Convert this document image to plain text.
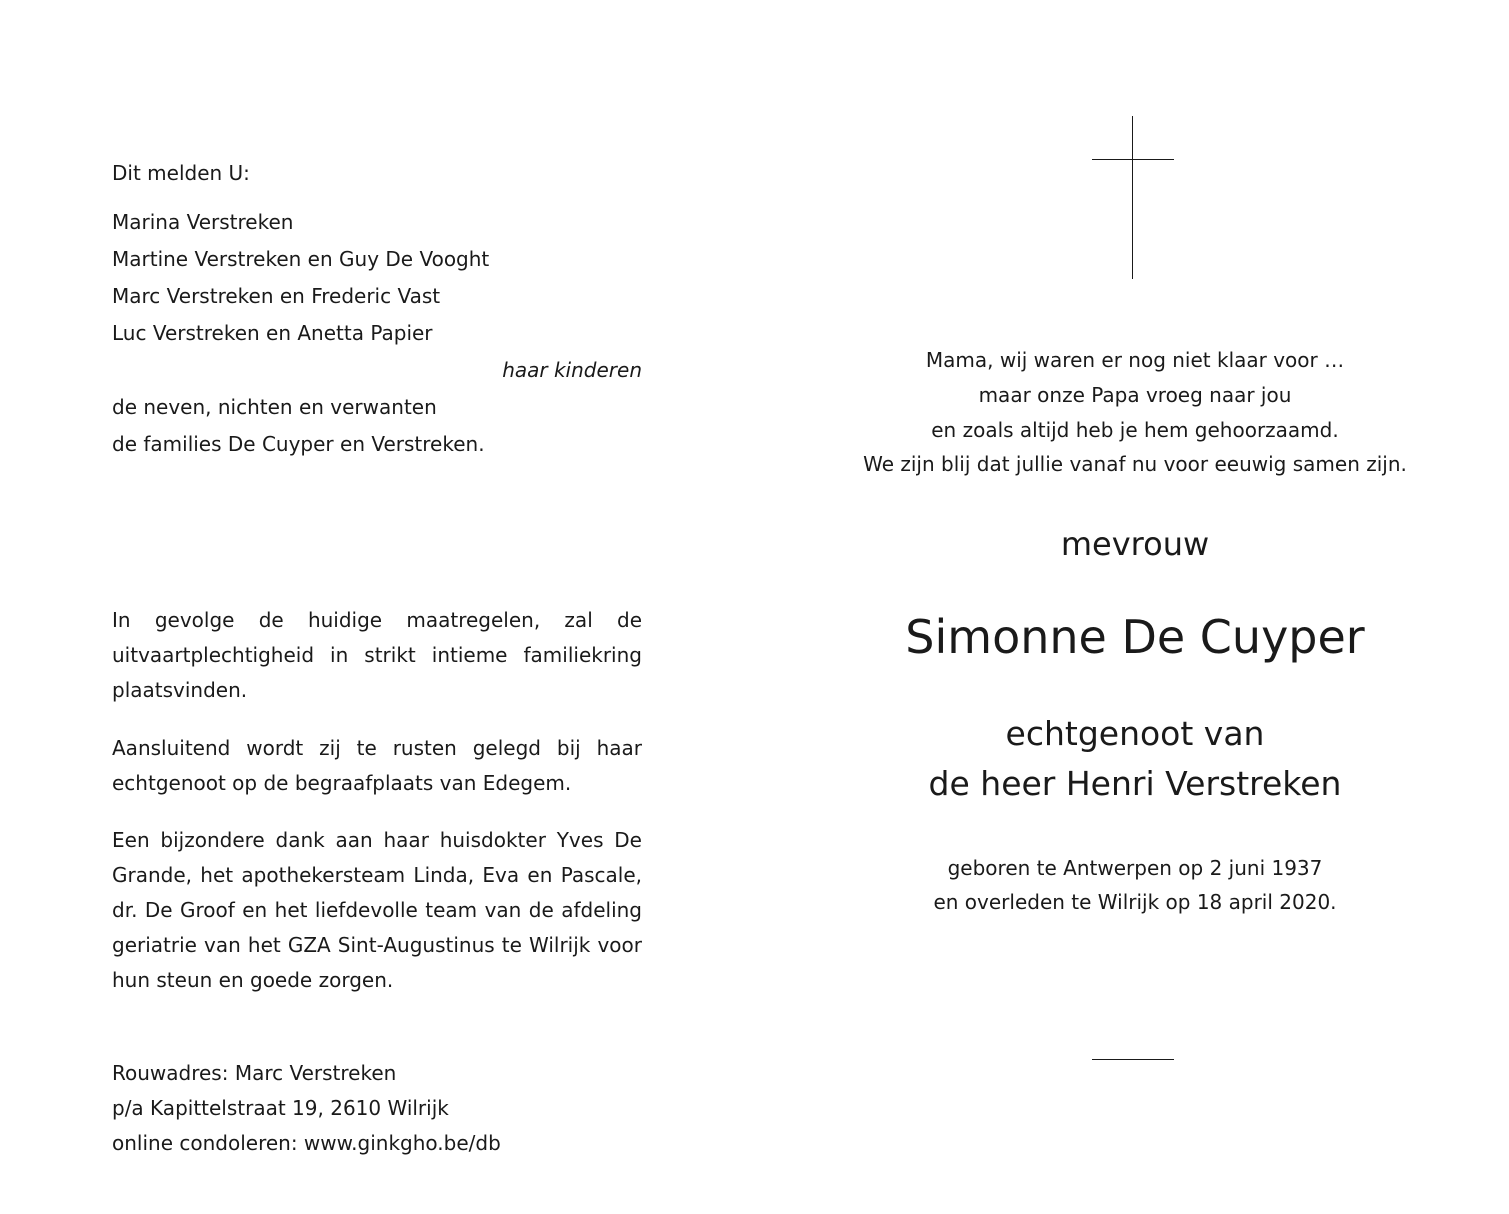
Dit melden U:
Marina Verstreken
Martine Verstreken en Guy De Vooght
Marc Verstreken en Frederic Vast
Luc Verstreken en Anetta Papier
haar kinderen
de neven, nichten en verwanten
de families De Cuyper en Verstreken.
In gevolge de huidige maatregelen, zal de uitvaartplechtigheid in strikt intieme familiekring plaatsvinden.
Aansluitend wordt zij te rusten gelegd bij haar echtgenoot op de begraafplaats van Edegem.
Een bijzondere dank aan haar huisdokter Yves De Grande, het apothekersteam Linda, Eva en Pascale, dr. De Groof en het liefdevolle team van de afdeling geriatrie van het GZA Sint-Augustinus te Wilrijk voor hun steun en goede zorgen.
Rouwadres: Marc Verstreken
p/a Kapittelstraat 19, 2610 Wilrijk
online condoleren: www.ginkgho.be/db
Mama, wij waren er nog niet klaar voor …
maar onze Papa vroeg naar jou
en zoals altijd heb je hem gehoorzaamd.
We zijn blij dat jullie vanaf nu voor eeuwig samen zijn.
mevrouw
Simonne De Cuyper
echtgenoot van
de heer Henri Verstreken
geboren te Antwerpen op 2 juni 1937
en overleden te Wilrijk op 18 april 2020.
